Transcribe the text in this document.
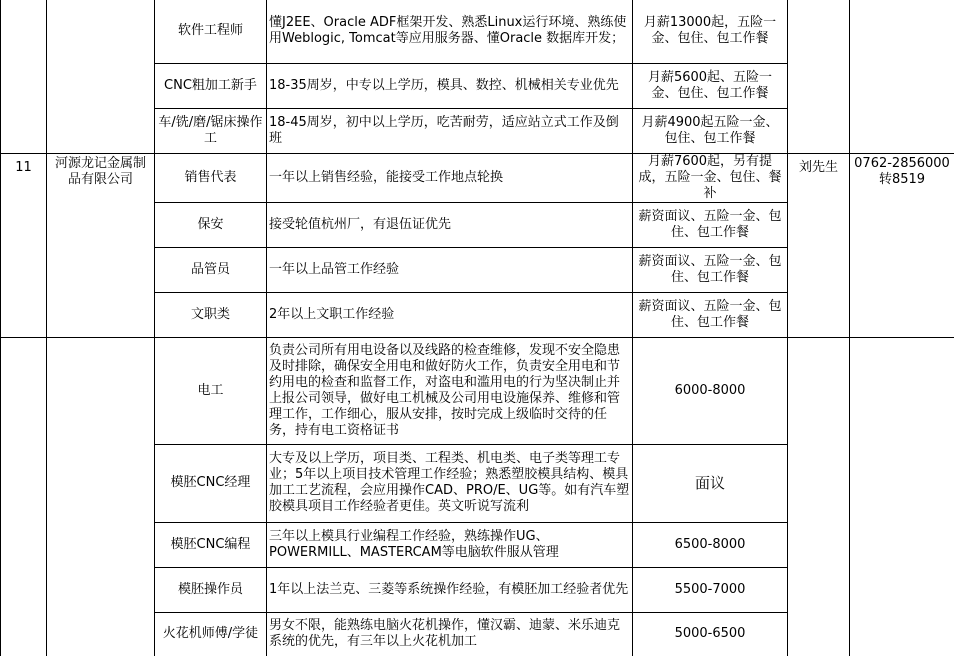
		软件工程师	懂J2EE、Oracle ADF框架开发、熟悉Linux运行环境、熟练使用Weblogic, Tomcat等应用服务器、懂Oracle 数据库开发；	月薪13000起，五险一金、包住、包工作餐		
		CNC粗加工新手	18-35周岁，中专以上学历，模具、数控、机械相关专业优先	月薪5600起、五险一金、包住、包工作餐		
		车/铣/磨/锯床操作工	18-45周岁，初中以上学历，吃苦耐劳，适应站立式工作及倒班	月薪4900起五险一金、包住、包工作餐		
11	河源龙记金属制品有限公司	销售代表	一年以上销售经验，能接受工作地点轮换	月薪7600起，另有提成，五险一金、包住、餐补	刘先生	0762-2856000转8519
		保安	接受轮值杭州厂，有退伍证优先	薪资面议、五险一金、包住、包工作餐		
		品管员	一年以上品管工作经验	薪资面议、五险一金、包住、包工作餐		
		文职类	2年以上文职工作经验	薪资面议、五险一金、包住、包工作餐		
		电工	负责公司所有用电设备以及线路的检查维修，发现不安全隐患及时排除，确保安全用电和做好防火工作，负责安全用电和节约用电的检查和监督工作，对盗电和滥用电的行为坚决制止并上报公司领导，做好电工机械及公司用电设施保养、维修和管理工作，工作细心，服从安排，按时完成上级临时交待的任务，持有电工资格证书	6000-8000		
		模胚CNC经理	大专及以上学历，项目类、工程类、机电类、电子类等理工专业；5年以上项目技术管理工作经验；熟悉塑胶模具结构、模具加工工艺流程，会应用操作CAD、PRO/E、UG等。如有汽车塑胶模具项目工作经验者更佳。英文听说写流利	面议		
		模胚CNC编程	三年以上模具行业编程工作经验，熟练操作UG、POWERMILL、MASTERCAM等电脑软件服从管理	6500-8000		
		模胚操作员	1年以上法兰克、三菱等系统操作经验，有模胚加工经验者优先	5500-7000		
		火花机师傅/学徒	男女不限，能熟练电脑火花机操作，懂汉霸、迪蒙、米乐迪克系统的优先，有三年以上火花机加工	5000-6500		
